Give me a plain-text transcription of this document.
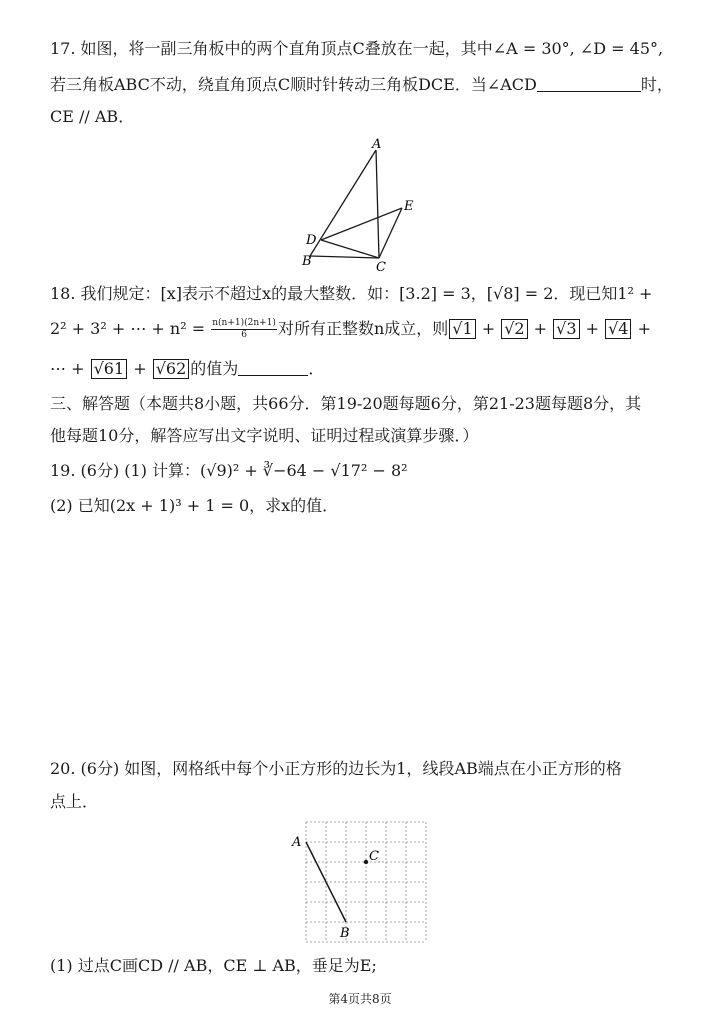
17. 如图，将一副三角板中的两个直角顶点C叠放在一起，其中∠A = 30°, ∠D = 45°,
若三角板ABC不动，绕直角顶点C顺时针转动三角板DCE．当∠ACD	时，
CE // AB．
A
B	C
D
E
18. 我们规定：[x]表示不超过x的最大整数．如：[3.2] = 3，[√8] = 2．现已知1² +
2² + 3² + ⋯ + $n^2 = \frac{n(n+1)(2n+1)}{6}$ 对所有正整数n成立，则 √1 + √2 + √3 + √4 +
⋯ + √61 + √62 的值为	．
三、解答题（本题共8小题，共66分．第19-20题每题6分，第21-23题每题8分，其
他每题10分，解答应写出文字说明、证明过程或演算步骤．）
19. (6分) (1) 计算：(√9)² + ∛−64 − √17² − 8²
(2) 已知(2x + 1)³ + 1 = 0，求x的值．
20. (6分) 如图，网格纸中每个小正方形的边长为1，线段AB端点在小正方形的格
点上．
A
B
C
(1) 过点C画CD // AB，CE ⊥ AB，垂足为E;
第4页共8页
